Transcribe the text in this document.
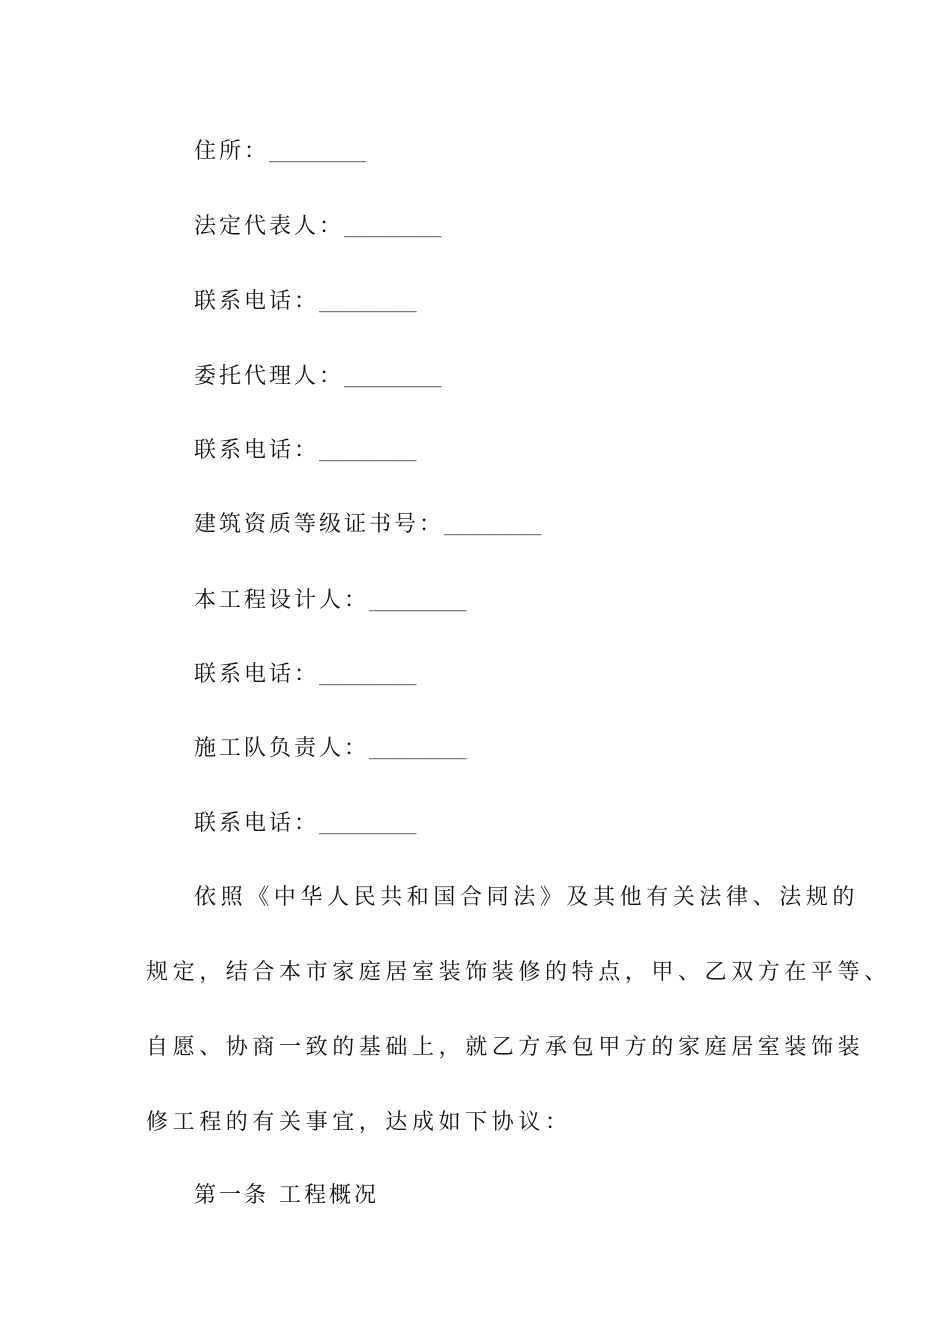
住所：_________
法定代表人：_________
联系电话：_________
委托代理人：_________
联系电话：_________
建筑资质等级证书号：_________
本工程设计人：_________
联系电话：_________
施工队负责人：_________
联系电话：_________
依照《中华人民共和国合同法》及其他有关法律、法规的
规定，结合本市家庭居室装饰装修的特点，甲、乙双方在平等、
自愿、协商一致的基础上，就乙方承包甲方的家庭居室装饰装
修工程的有关事宜，达成如下协议：
第一条 工程概况
